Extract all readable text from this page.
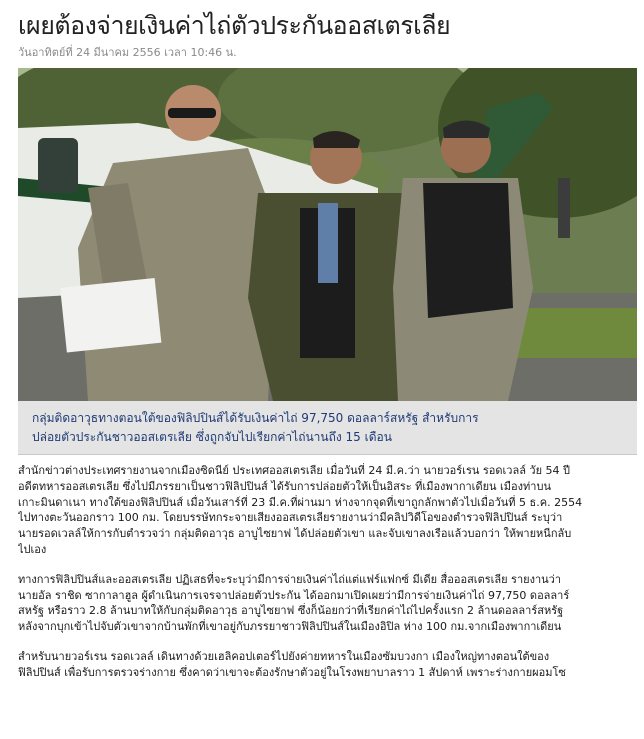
เผยต้องจ่ายเงินค่าไถ่ตัวประกันออสเตรเลีย
วันอาทิตย์ที่ 24 มีนาคม 2556 เวลา 10:46 น.
กลุ่มติดอาวุธทางตอนใต้ของฟิลิปปินส์ได้รับเงินค่าไถ่ 97,750 ดอลลาร์สหรัฐ สำหรับการ
ปล่อยตัวประกันชาวออสเตรเลีย ซึ่งถูกจับไปเรียกค่าไถ่นานถึง 15 เดือน

สำนักข่าวต่างประเทศรายงานจากเมืองซิดนีย์ ประเทศออสเตรเลีย เมื่อวันที่ 24 มี.ค.ว่า นายวอร์เรน รอดเวลล์ วัย 54 ปี
อดีตทหารออสเตรเลีย ซึ่งไปมีภรรยาเป็นชาวฟิลิปปินส์ ได้รับการปล่อยตัวให้เป็นอิสระ ที่เมืองพากาเดียน เมืองท่าบน
เกาะมินดาเนา ทางใต้ของฟิลิปปินส์ เมื่อวันเสาร์ที่ 23 มี.ค.ที่ผ่านมา ห่างจากจุดที่เขาถูกลักพาตัวไปเมื่อวันที่ 5 ธ.ค. 2554
ไปทางตะวันออกราว 100 กม. โดยบรรษัทกระจายเสียงออสเตรเลียรายงานว่ามีคลิปวิดีโอของตำรวจฟิลิปปินส์ ระบุว่า
นายรอดเวลล์ให้การกับตำรวจว่า กลุ่มติดอาวุธ อาบูไซยาฟ ได้ปล่อยตัวเขา และจับเขาลงเรือแล้วบอกว่า ให้พายหนีกลับ
ไปเอง

ทางการฟิลิปปินส์และออสเตรเลีย ปฏิเสธที่จะระบุว่ามีการจ่ายเงินค่าไถ่แต่แฟร์แฟกซ์ มีเดีย สื่อออสเตรเลีย รายงานว่า
นายอัล ราชิด ซากาลาฮูล ผู้ดำเนินการเจรจาปล่อยตัวประกัน ได้ออกมาเปิดเผยว่ามีการจ่ายเงินค่าไถ่ 97,750 ดอลลาร์
สหรัฐ หรือราว 2.8 ล้านบาทให้กับกลุ่มติดอาวุธ อาบูไซยาฟ ซึ่งก็น้อยกว่าที่เรียกค่าไถ่ไปครั้งแรก 2 ล้านดอลลาร์สหรัฐ
หลังจากบุกเข้าไปจับตัวเขาจากบ้านพักที่เขาอยู่กับภรรยาชาวฟิลิปปินส์ในเมืองอิปิล ห่าง 100 กม.จากเมืองพากาเดียน

สำหรับนายวอร์เรน รอดเวลล์ เดินทางด้วยเฮลิคอปเตอร์ไปยังค่ายทหารในเมืองซัมบวงกา เมืองใหญ่ทางตอนใต้ของ
ฟิลิปปินส์ เพื่อรับการตรวจร่างกาย ซึ่งคาดว่าเขาจะต้องรักษาตัวอยู่ในโรงพยาบาลราว 1 สัปดาห์ เพราะร่างกายผอมโซ
